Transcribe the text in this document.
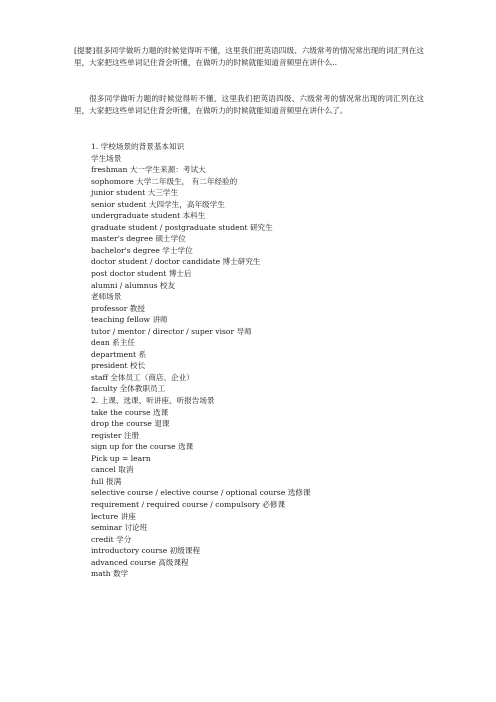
[提要]很多同学做听力题的时候觉得听不懂，这里我们把英语四级、六级常考的情况常出现的词汇列在这里，大家把这些单词记住背会听懂，在做听力的时候就能知道音频里在讲什么..

很多同学做听力题的时候觉得听不懂，这里我们把英语四级、六级常考的情况常出现的词汇列在这里，大家把这些单词记住背会听懂，在做听力的时候就能知道音频里在讲什么了。

1. 学校场景的背景基本知识
学生场景
freshman 大一学生来源：考试大
sophomore 大学二年级生， 有二年经验的
junior student 大三学生
senior student 大四学生，高年级学生
undergraduate student 本科生
graduate student / postgraduate student 研究生
master's degree 硕士学位
bachelor's degree 学士学位
doctor student / doctor candidate 博士研究生
post doctor student 博士后
alumni / alumnus 校友
老师场景
professor 教授
teaching fellow 讲师
tutor / mentor / director / super visor 导师
dean 系主任
department 系
president 校长
staff 全体员工（商店、企业）
faculty 全体教职员工
2. 上课、选课、听讲座、听报告场景
take the course 选课
drop the course 退课
register 注册
sign up for the course 选课
Pick up = learn
cancel 取消
full 报满
selective course / elective course / optional course 选修课
requirement / required course / compulsory 必修课
lecture 讲座
seminar 讨论班
credit 学分
introductory course 初级课程
advanced course 高级课程
math 数学
